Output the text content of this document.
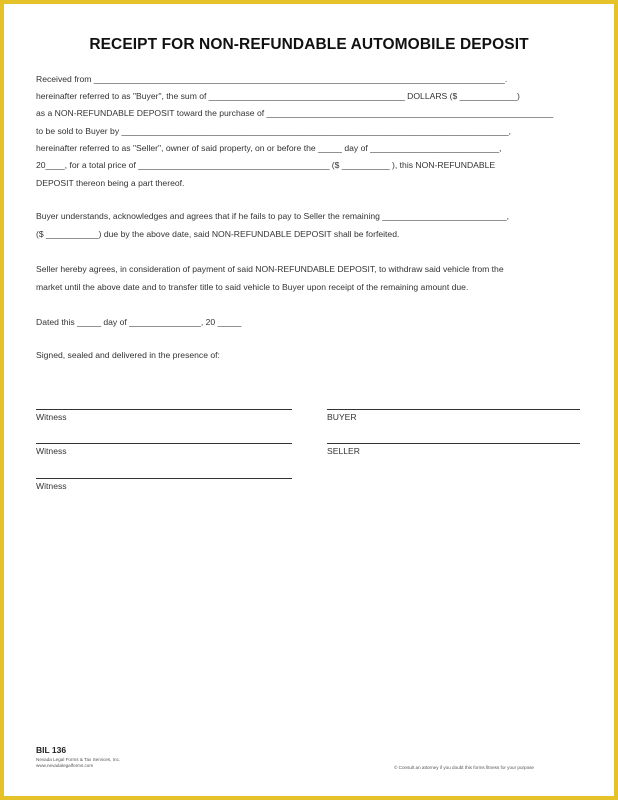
RECEIPT FOR NON-REFUNDABLE AUTOMOBILE DEPOSIT
Received from ______________________________________________________________________________________.
hereinafter referred to as "Buyer", the sum of _________________________________________ DOLLARS ($ ____________)
as a NON-REFUNDABLE DEPOSIT toward the purchase of ____________________________________________________________
to be sold to Buyer by _________________________________________________________________________________,
hereinafter referred to as "Seller", owner of said property, on or before the _____ day of ___________________________,
20____, for a total price of ________________________________________ ($ __________ ), this NON-REFUNDABLE
DEPOSIT thereon being a part thereof.
Buyer understands, acknowledges and agrees that if he fails to pay to Seller the remaining __________________________,
($ ___________) due by the above date, said NON-REFUNDABLE DEPOSIT shall be forfeited.
Seller hereby agrees, in consideration of payment of said NON-REFUNDABLE DEPOSIT, to withdraw said vehicle from the
market until the above date and to transfer title to said vehicle to Buyer upon receipt of the remaining amount due.
Dated this _____ day of _______________, 20 _____
Signed, sealed and delivered in the presence of:
Witness	BUYER
Witness	SELLER
Witness
BIL 136
Nevada Legal Forms & Tax Services, Inc.
www.nevadalegalforms.com	© Consult an attorney if you doubt this forms fitness for your purpose
